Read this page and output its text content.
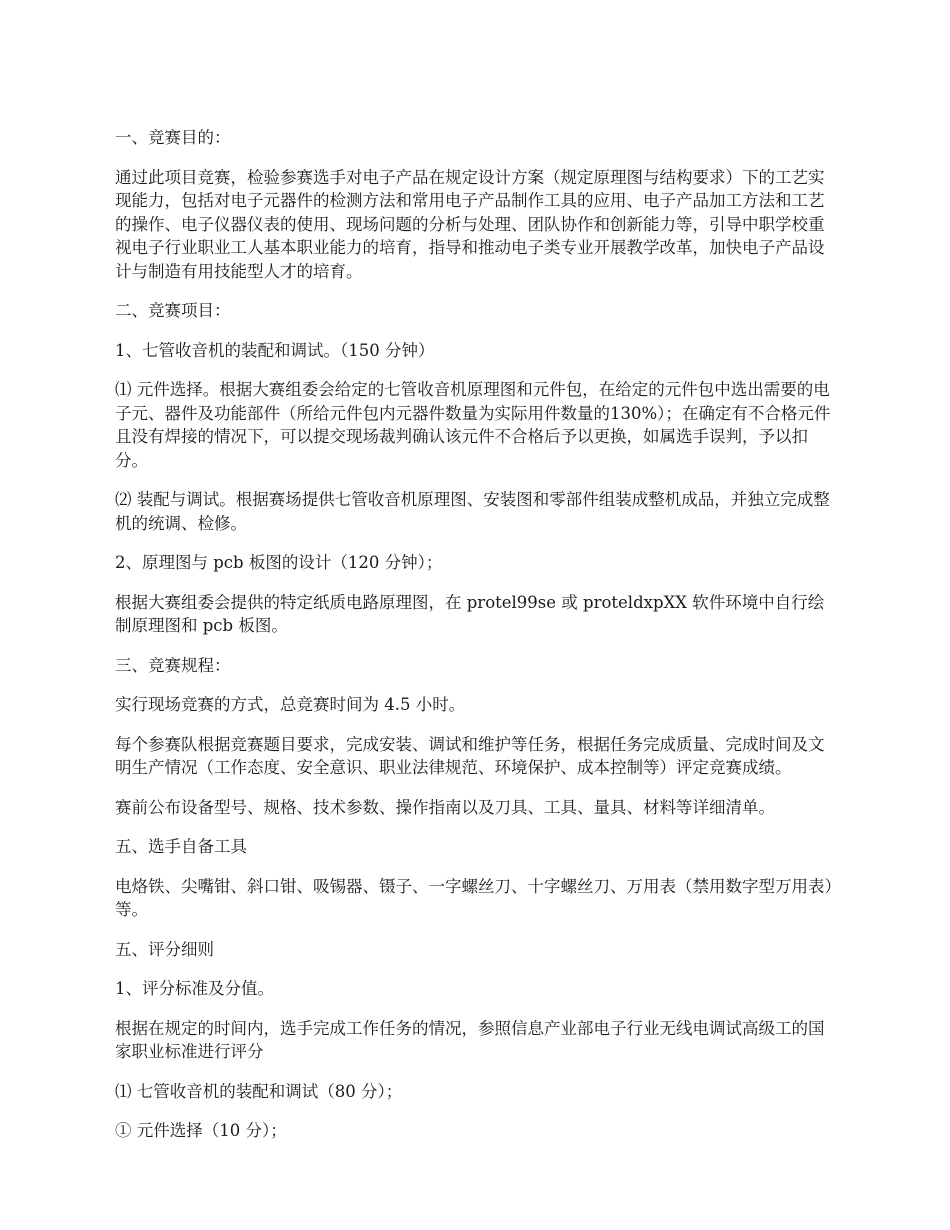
一、竞赛目的：

通过此项目竞赛，检验参赛选手对电子产品在规定设计方案（规定原理图与结构要求）下的工艺实现能力，包括对电子元器件的检测方法和常用电子产品制作工具的应用、电子产品加工方法和工艺的操作、电子仪器仪表的使用、现场问题的分析与处理、团队协作和创新能力等，引导中职学校重视电子行业职业工人基本职业能力的培育，指导和推动电子类专业开展教学改革，加快电子产品设计与制造有用技能型人才的培育。

二、竞赛项目：

1、七管收音机的装配和调试。（150 分钟）

⑴ 元件选择。根据大赛组委会给定的七管收音机原理图和元件包，在给定的元件包中选出需要的电子元、器件及功能部件（所给元件包内元器件数量为实际用件数量的130%）；在确定有不合格元件且没有焊接的情况下，可以提交现场裁判确认该元件不合格后予以更换，如属选手误判，予以扣分。

⑵ 装配与调试。根据赛场提供七管收音机原理图、安装图和零部件组装成整机成品，并独立完成整机的统调、检修。

2、原理图与 pcb 板图的设计（120 分钟）；

根据大赛组委会提供的特定纸质电路原理图，在 protel99se 或 proteldxpXX 软件环境中自行绘制原理图和 pcb 板图。

三、竞赛规程：

实行现场竞赛的方式，总竞赛时间为 4.5 小时。

每个参赛队根据竞赛题目要求，完成安装、调试和维护等任务，根据任务完成质量、完成时间及文明生产情况（工作态度、安全意识、职业法律规范、环境保护、成本控制等）评定竞赛成绩。

赛前公布设备型号、规格、技术参数、操作指南以及刀具、工具、量具、材料等详细清单。

五、选手自备工具

电烙铁、尖嘴钳、斜口钳、吸锡器、镊子、一字螺丝刀、十字螺丝刀、万用表（禁用数字型万用表）等。

五、评分细则

1、评分标准及分值。

根据在规定的时间内，选手完成工作任务的情况，参照信息产业部电子行业无线电调试高级工的国家职业标准进行评分

⑴ 七管收音机的装配和调试（80 分）；

① 元件选择（10 分）；
